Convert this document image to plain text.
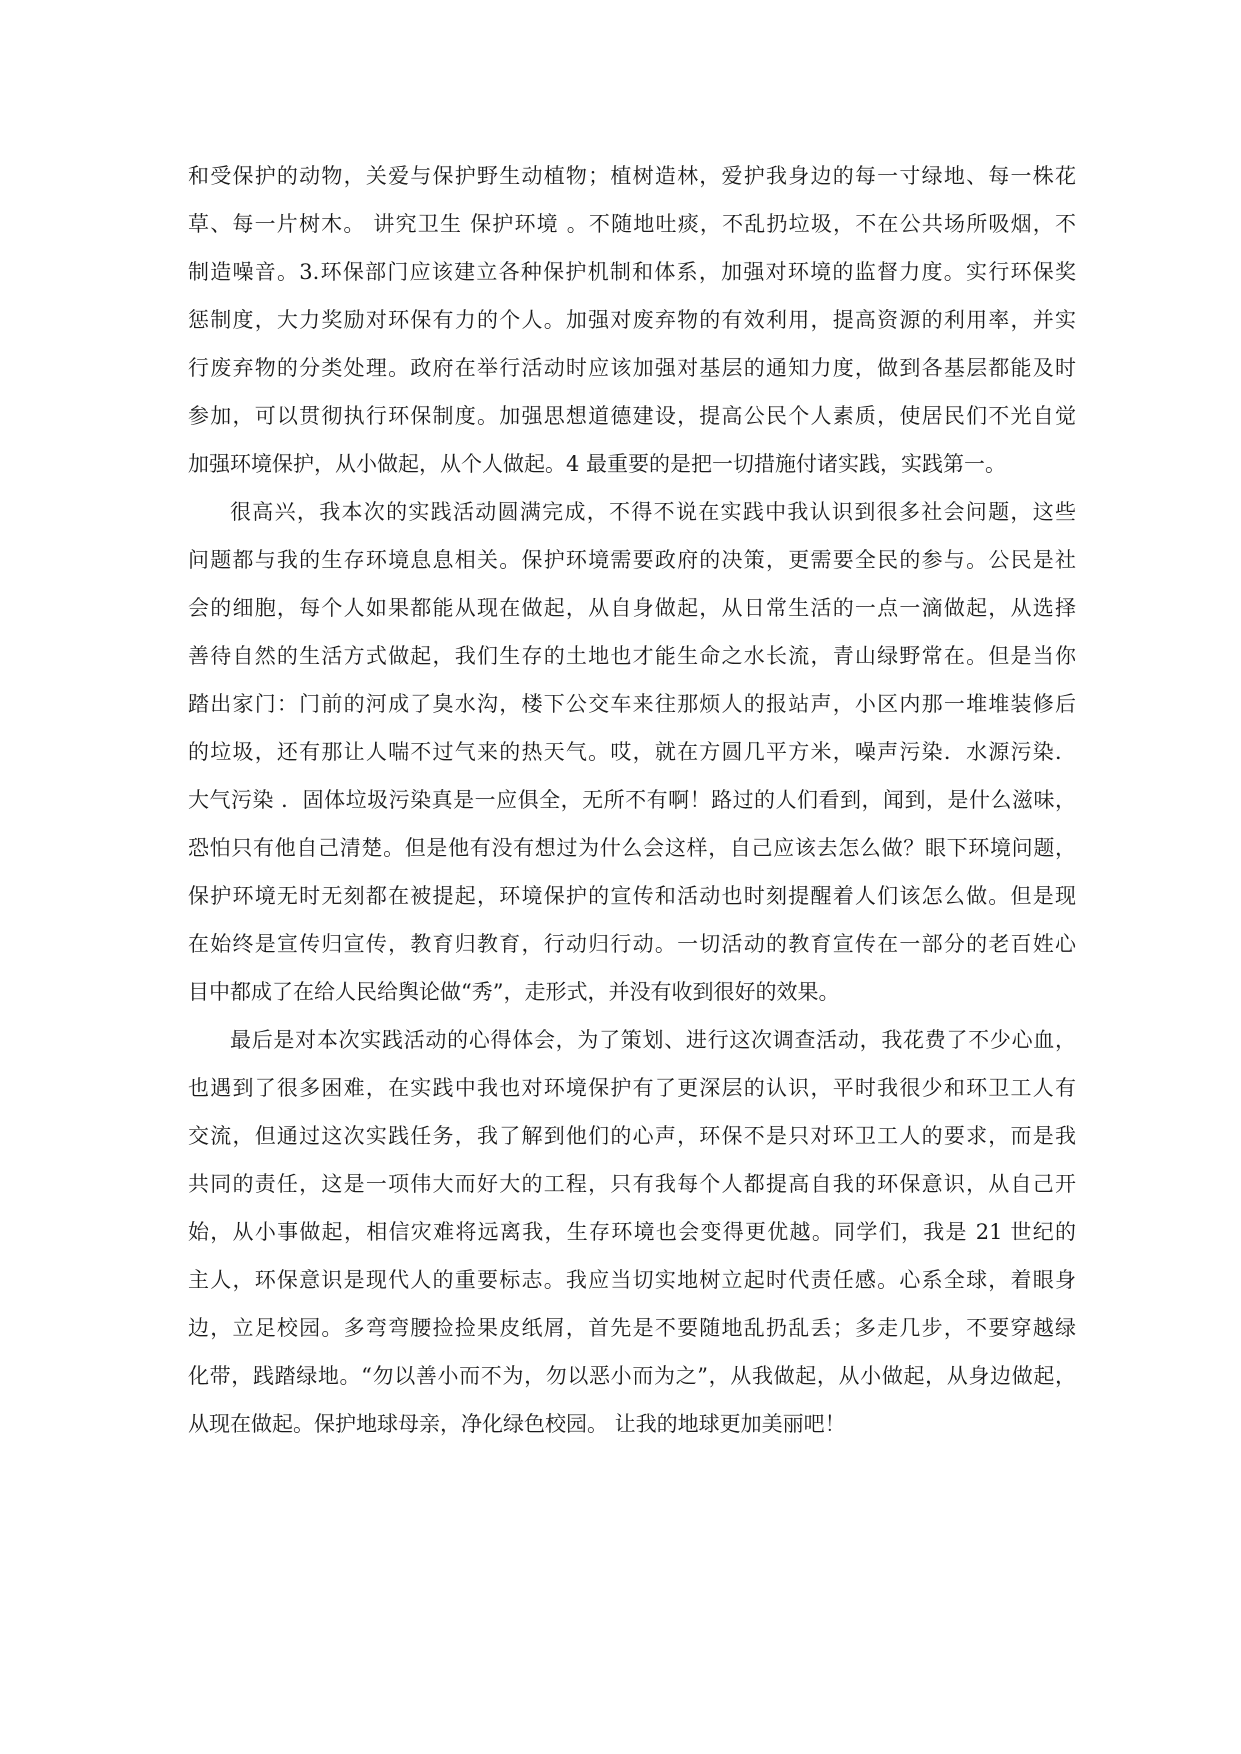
和受保护的动物，关爱与保护野生动植物；植树造林，爱护我身边的每一寸绿地、每一株花
草、每一片树木。 讲究卫生 保护环境 。不随地吐痰，不乱扔垃圾，不在公共场所吸烟，不
制造噪音。3.环保部门应该建立各种保护机制和体系，加强对环境的监督力度。实行环保奖
惩制度，大力奖励对环保有力的个人。加强对废弃物的有效利用，提高资源的利用率，并实
行废弃物的分类处理。政府在举行活动时应该加强对基层的通知力度，做到各基层都能及时
参加，可以贯彻执行环保制度。加强思想道德建设，提高公民个人素质，使居民们不光自觉
加强环境保护，从小做起，从个人做起。4 最重要的是把一切措施付诸实践，实践第一。
很高兴，我本次的实践活动圆满完成，不得不说在实践中我认识到很多社会问题，这些
问题都与我的生存环境息息相关。保护环境需要政府的决策，更需要全民的参与。公民是社
会的细胞，每个人如果都能从现在做起，从自身做起，从日常生活的一点一滴做起，从选择
善待自然的生活方式做起，我们生存的土地也才能生命之水长流，青山绿野常在。但是当你
踏出家门：门前的河成了臭水沟，楼下公交车来往那烦人的报站声，小区内那一堆堆装修后
的垃圾，还有那让人喘不过气来的热天气。哎，就在方圆几平方米，噪声污染．水源污染．
大气污染 ．固体垃圾污染真是一应俱全，无所不有啊！路过的人们看到，闻到，是什么滋味，
恐怕只有他自己清楚。但是他有没有想过为什么会这样，自己应该去怎么做？眼下环境问题，
保护环境无时无刻都在被提起，环境保护的宣传和活动也时刻提醒着人们该怎么做。但是现
在始终是宣传归宣传，教育归教育，行动归行动。一切活动的教育宣传在一部分的老百姓心
目中都成了在给人民给舆论做“秀”，走形式，并没有收到很好的效果。
最后是对本次实践活动的心得体会，为了策划、进行这次调查活动，我花费了不少心血，
也遇到了很多困难，在实践中我也对环境保护有了更深层的认识，平时我很少和环卫工人有
交流，但通过这次实践任务，我了解到他们的心声，环保不是只对环卫工人的要求，而是我
共同的责任，这是一项伟大而好大的工程，只有我每个人都提高自我的环保意识，从自己开
始，从小事做起，相信灾难将远离我，生存环境也会变得更优越。同学们，我是 21 世纪的
主人，环保意识是现代人的重要标志。我应当切实地树立起时代责任感。心系全球，着眼身
边，立足校园。多弯弯腰捡捡果皮纸屑，首先是不要随地乱扔乱丢；多走几步，不要穿越绿
化带，践踏绿地。“勿以善小而不为，勿以恶小而为之”，从我做起，从小做起，从身边做起，
从现在做起。保护地球母亲，净化绿色校园。 让我的地球更加美丽吧！
